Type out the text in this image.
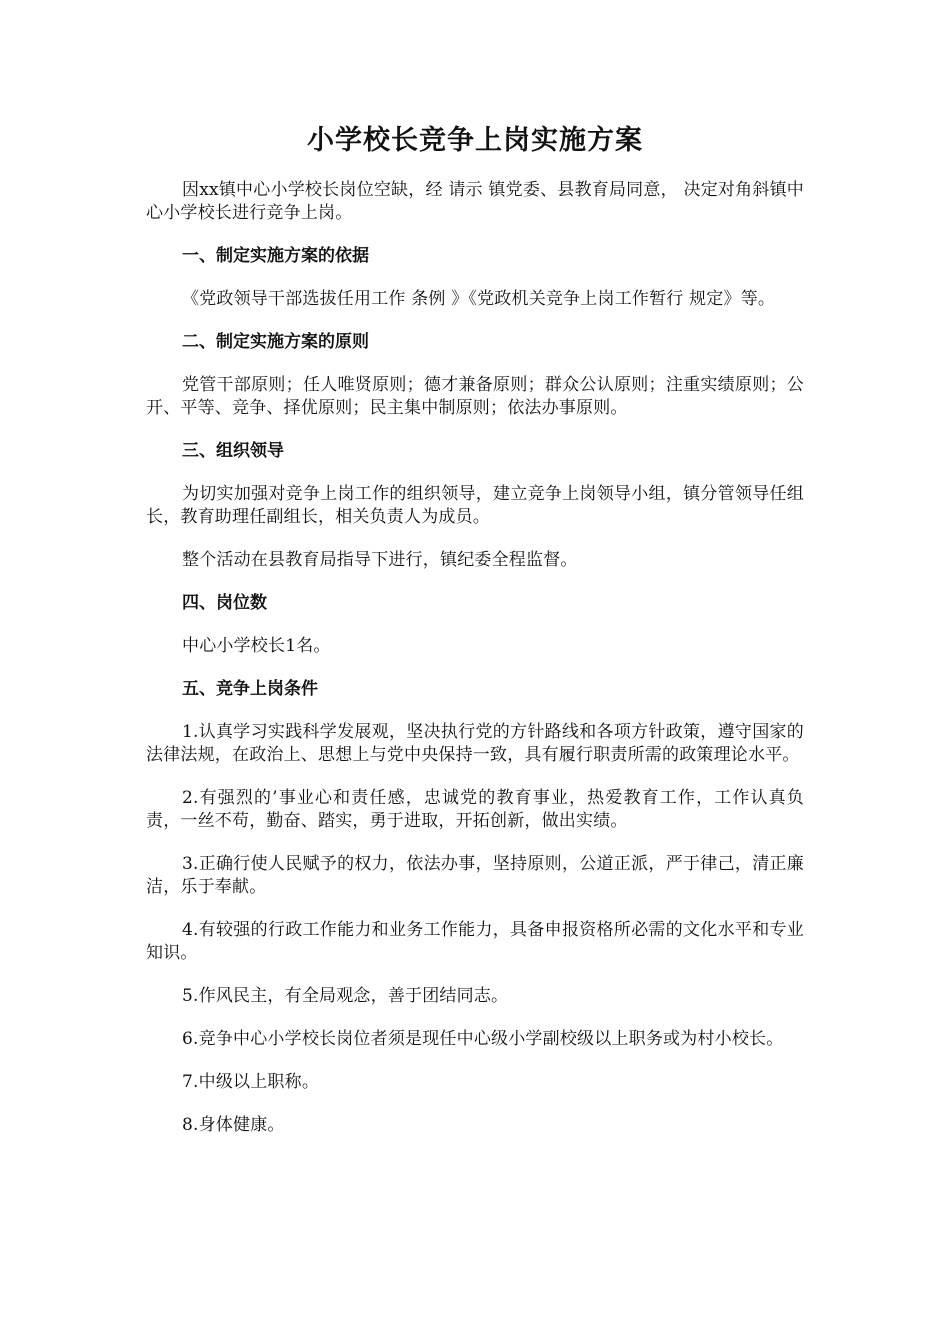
小学校长竞争上岗实施方案

因xx镇中心小学校长岗位空缺，经 请示 镇党委、县教育局同意， 决定对角斜镇中心小学校长进行竞争上岗。

一、制定实施方案的依据

《党政领导干部选拔任用工作 条例 》《党政机关竞争上岗工作暂行 规定》等。

二、制定实施方案的原则

党管干部原则；任人唯贤原则；德才兼备原则；群众公认原则；注重实绩原则；公开、平等、竞争、择优原则；民主集中制原则；依法办事原则。

三、组织领导

为切实加强对竞争上岗工作的组织领导，建立竞争上岗领导小组，镇分管领导任组长，教育助理任副组长，相关负责人为成员。

整个活动在县教育局指导下进行，镇纪委全程监督。

四、岗位数

中心小学校长1名。

五、竞争上岗条件

1.认真学习实践科学发展观，坚决执行党的方针路线和各项方针政策，遵守国家的法律法规，在政治上、思想上与党中央保持一致，具有履行职责所需的政策理论水平。

2.有强烈的’事业心和责任感，忠诚党的教育事业，热爱教育工作，工作认真负责，一丝不苟，勤奋、踏实，勇于进取，开拓创新，做出实绩。

3.正确行使人民赋予的权力，依法办事，坚持原则，公道正派，严于律己，清正廉洁，乐于奉献。

4.有较强的行政工作能力和业务工作能力，具备申报资格所必需的文化水平和专业知识。

5.作风民主，有全局观念，善于团结同志。

6.竞争中心小学校长岗位者须是现任中心级小学副校级以上职务或为村小校长。

7.中级以上职称。

8.身体健康。
